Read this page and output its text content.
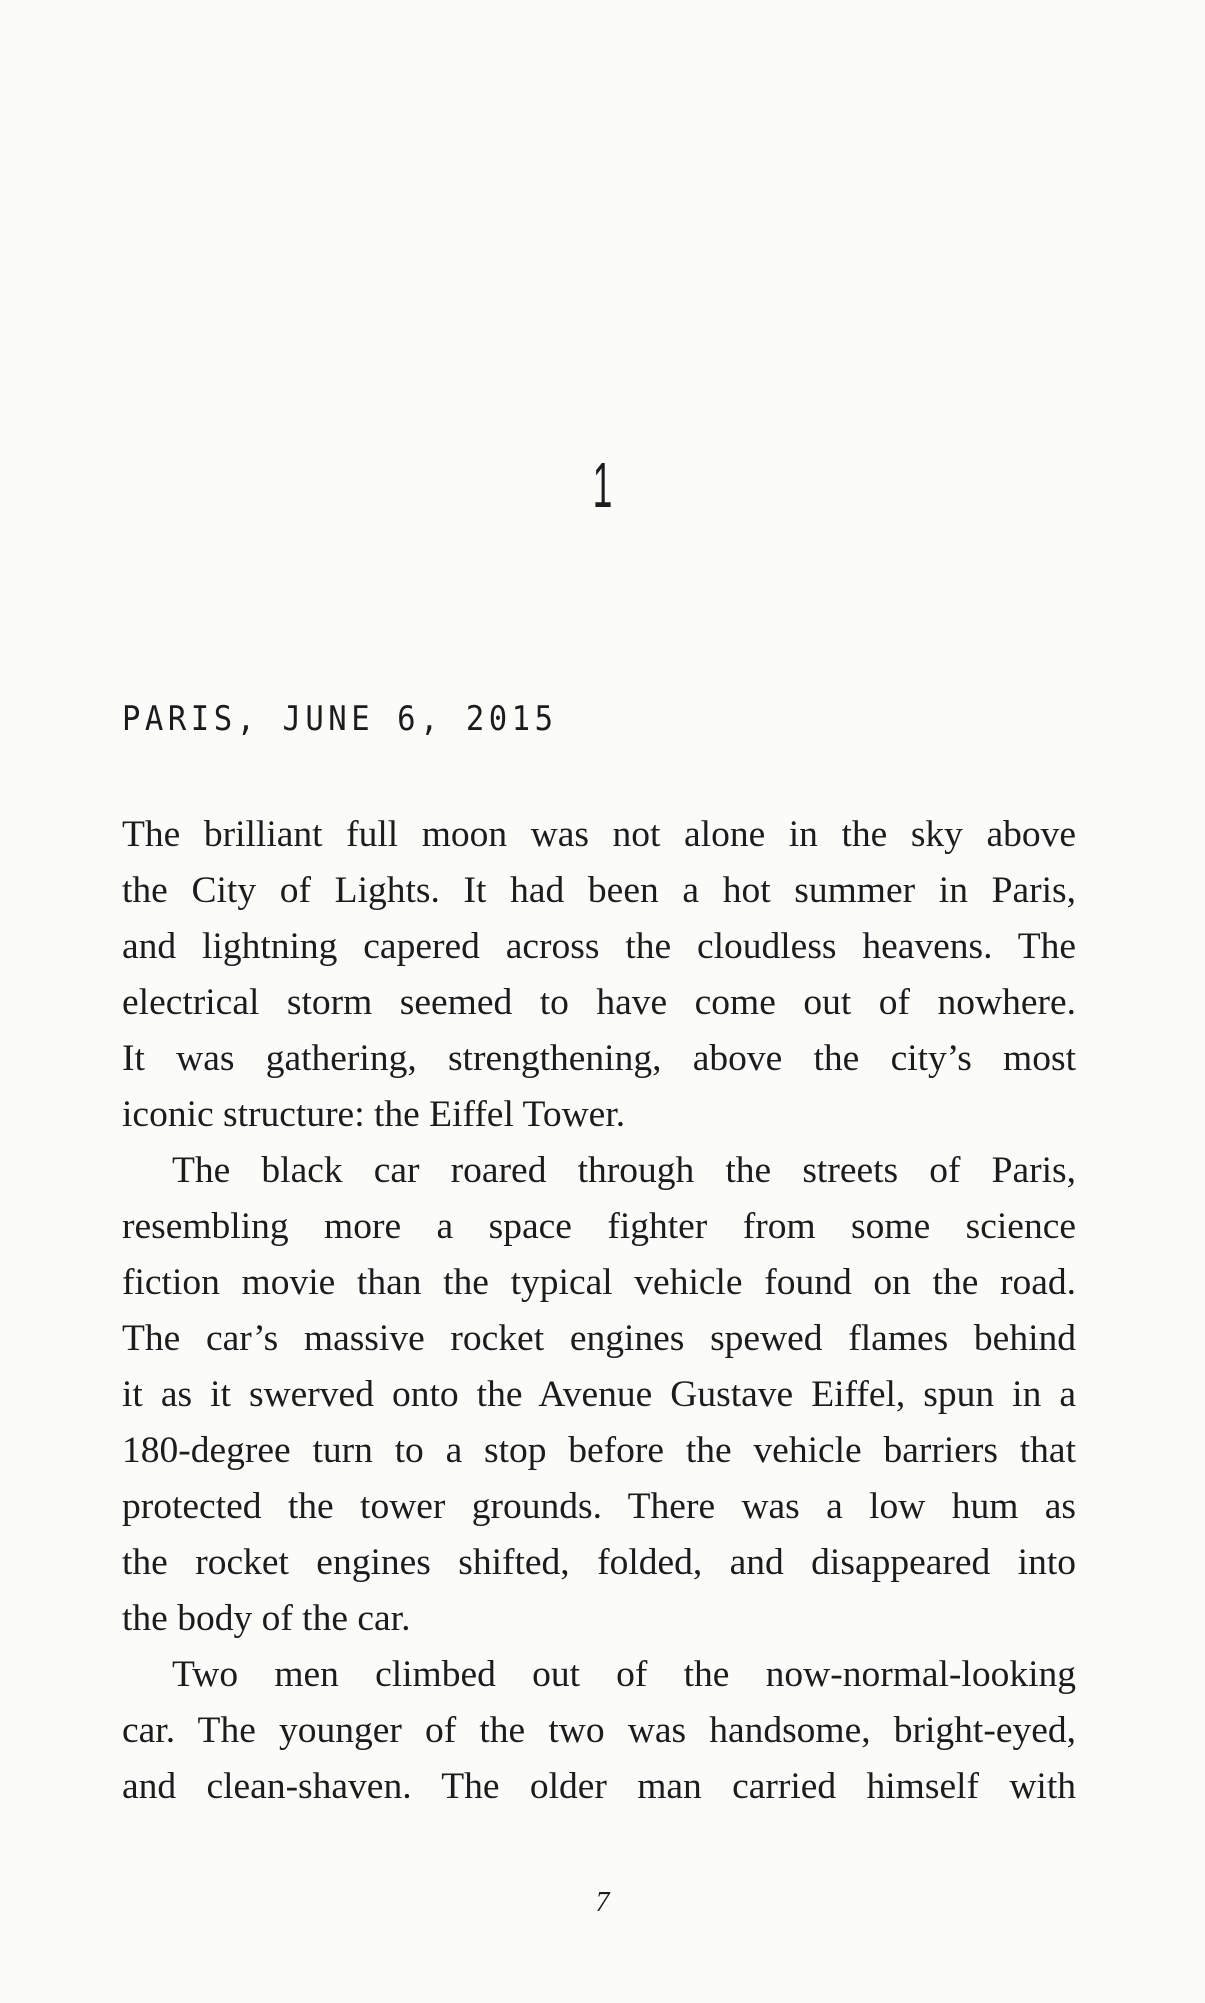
1
PARIS, JUNE 6, 2015

The brilliant full moon was not alone in the sky above
the City of Lights. It had been a hot summer in Paris,
and lightning capered across the cloudless heavens. The
electrical storm seemed to have come out of nowhere.
It was gathering, strengthening, above the city’s most
iconic structure: the Eiffel Tower.

The black car roared through the streets of Paris,
resembling more a space fighter from some science
fiction movie than the typical vehicle found on the road.
The car’s massive rocket engines spewed flames behind
it as it swerved onto the Avenue Gustave Eiffel, spun in a
180-degree turn to a stop before the vehicle barriers that
protected the tower grounds. There was a low hum as
the rocket engines shifted, folded, and disappeared into
the body of the car.

Two men climbed out of the now-normal-looking
car. The younger of the two was handsome, bright-eyed,
and clean-shaven. The older man carried himself with

7
